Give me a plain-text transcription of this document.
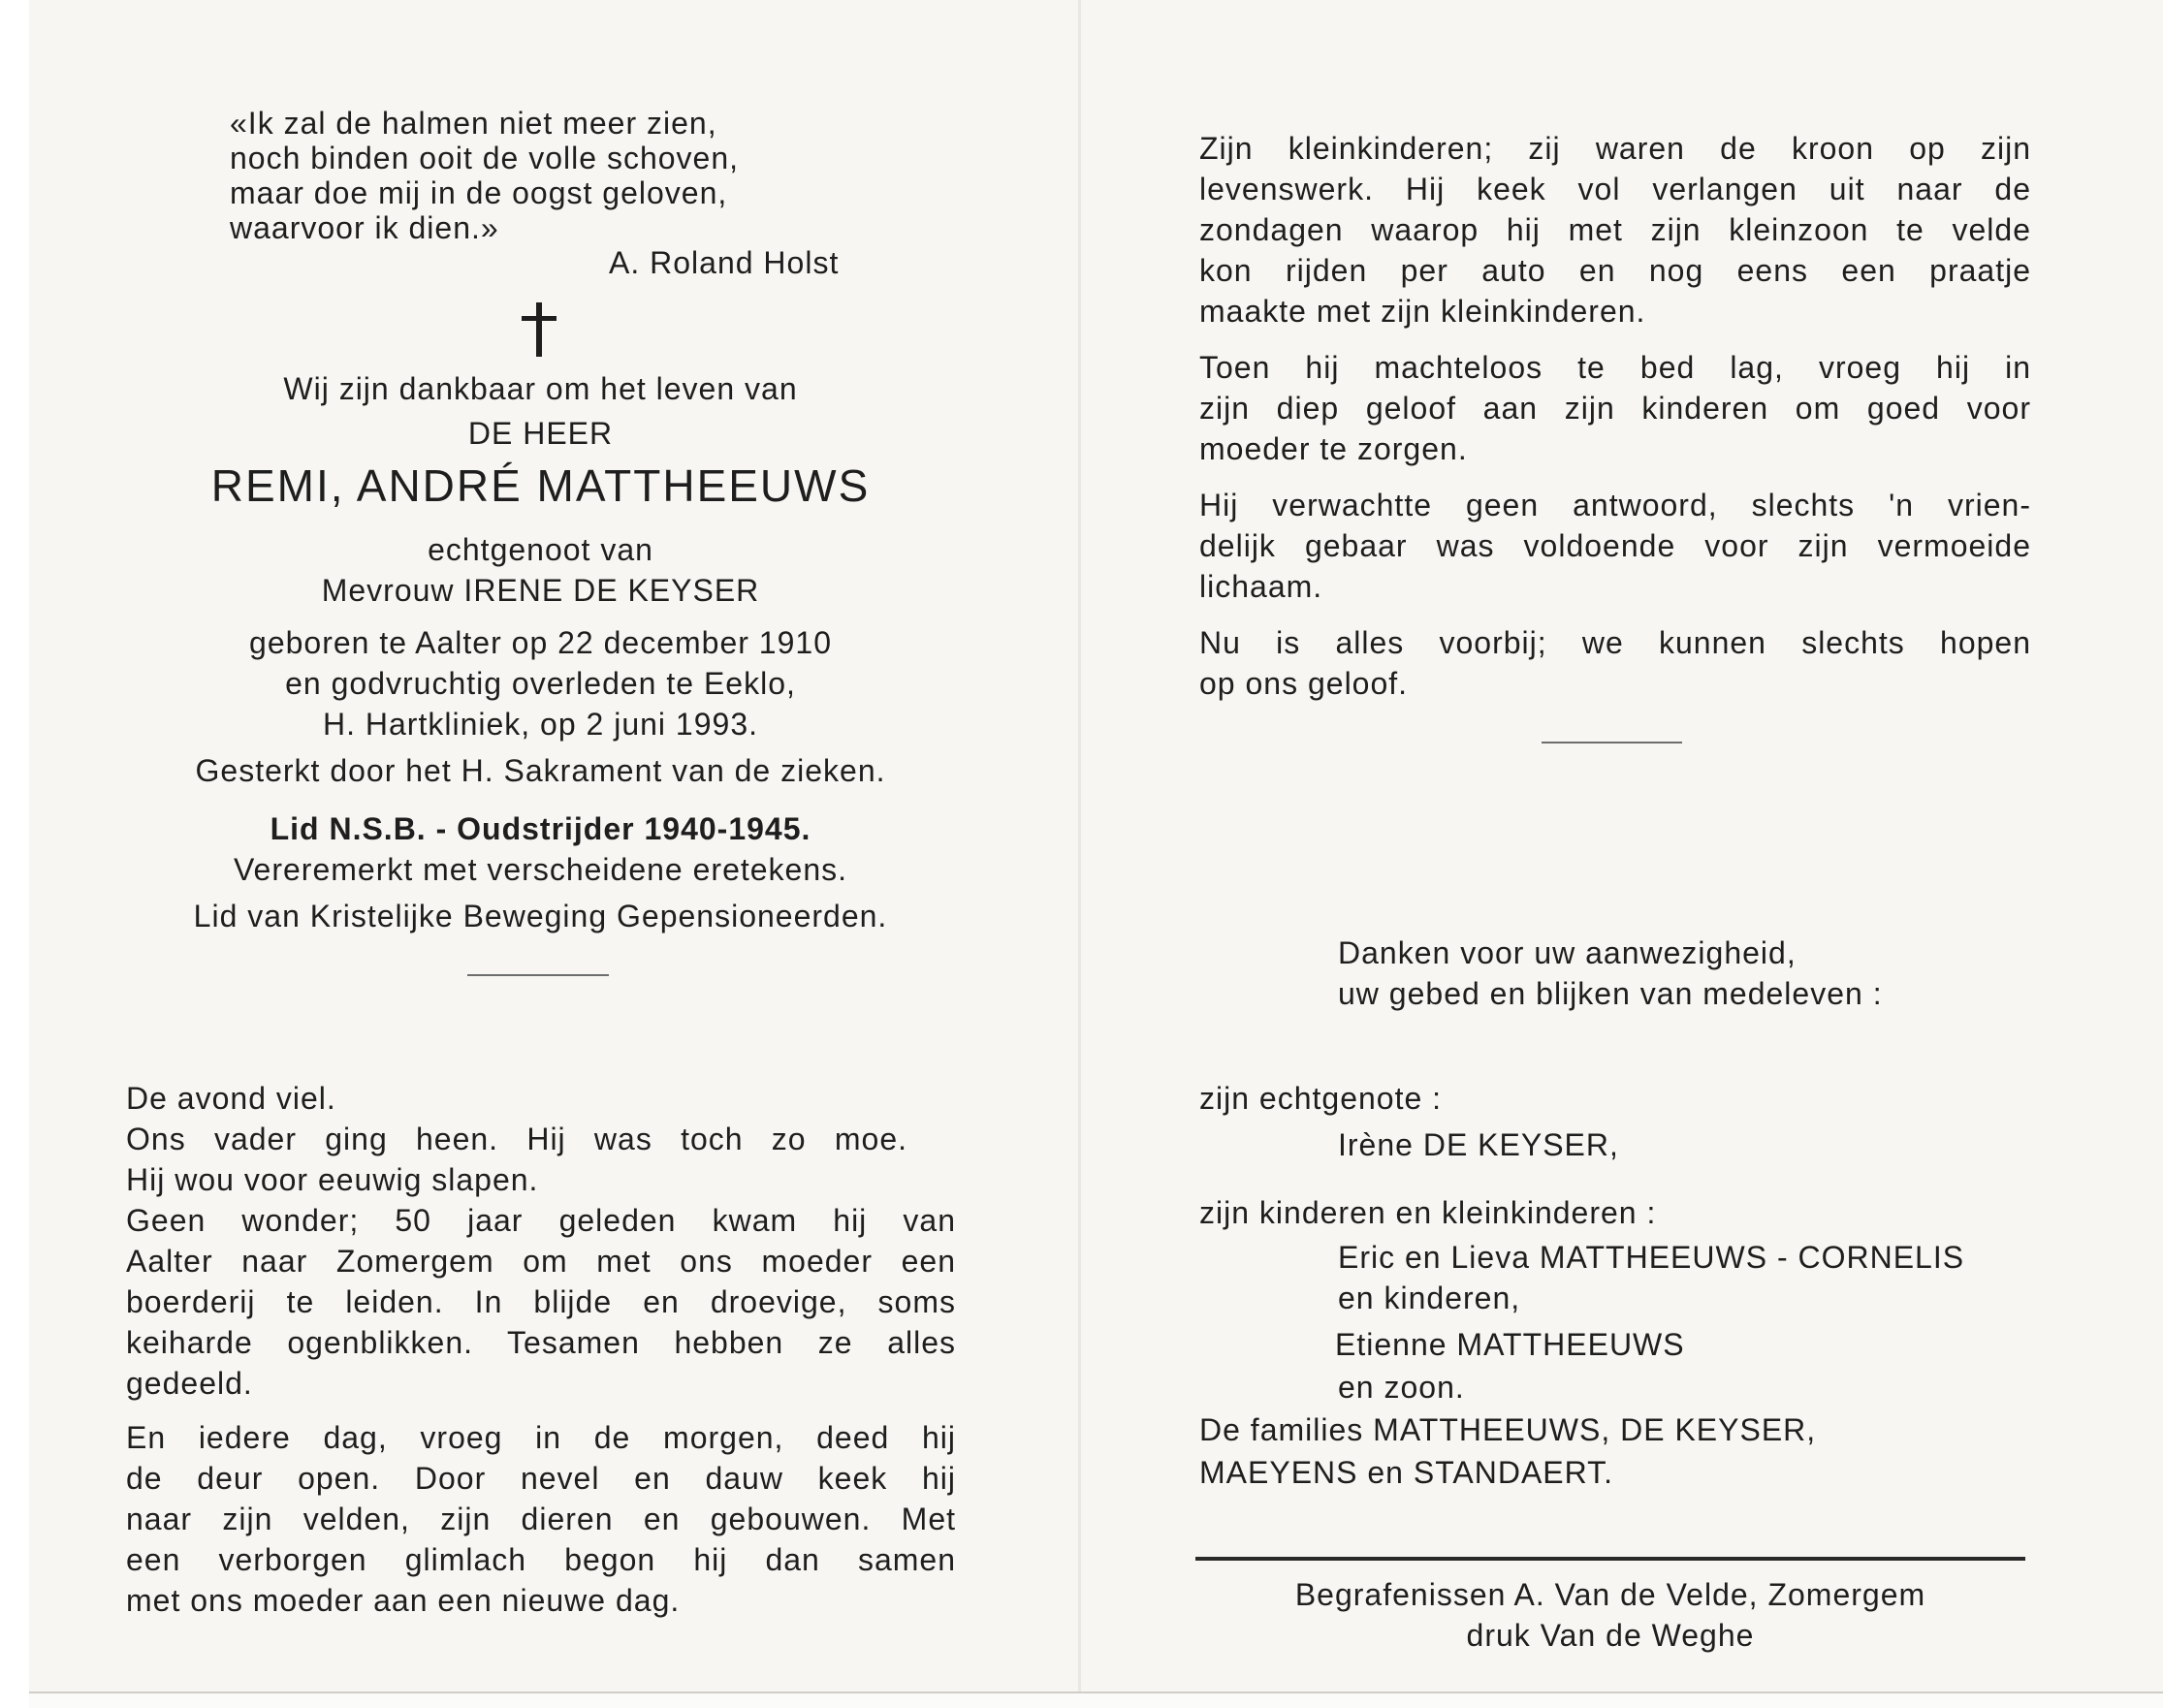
«Ik zal de halmen niet meer zien,
noch binden ooit de volle schoven,
maar doe mij in de oogst geloven,
waarvoor ik dien.»
A. Roland Holst
Wij zijn dankbaar om het leven van
DE HEER
REMI, ANDRÉ MATTHEEUWS
echtgenoot van
Mevrouw IRENE DE KEYSER
geboren te Aalter op 22 december 1910
en godvruchtig overleden te Eeklo,
H. Hartkliniek, op 2 juni 1993.
Gesterkt door het H. Sakrament van de zieken.
Lid N.S.B. - Oudstrijder 1940-1945.
Vereremerkt met verscheidene eretekens.
Lid van Kristelijke Beweging Gepensioneerden.
De avond viel.
Ons vader ging heen. Hij was toch zo moe.
Hij wou voor eeuwig slapen.
Geen wonder; 50 jaar geleden kwam hij van
Aalter naar Zomergem om met ons moeder een
boerderij te leiden. In blijde en droevige, soms
keiharde ogenblikken. Tesamen hebben ze alles
gedeeld.
En iedere dag, vroeg in de morgen, deed hij
de deur open. Door nevel en dauw keek hij
naar zijn velden, zijn dieren en gebouwen. Met
een verborgen glimlach begon hij dan samen
met ons moeder aan een nieuwe dag.
Zijn kleinkinderen; zij waren de kroon op zijn
levenswerk. Hij keek vol verlangen uit naar de
zondagen waarop hij met zijn kleinzoon te velde
kon rijden per auto en nog eens een praatje
maakte met zijn kleinkinderen.
Toen hij machteloos te bed lag, vroeg hij in
zijn diep geloof aan zijn kinderen om goed voor
moeder te zorgen.
Hij verwachtte geen antwoord, slechts 'n vrien-
delijk gebaar was voldoende voor zijn vermoeide
lichaam.
Nu is alles voorbij; we kunnen slechts hopen
op ons geloof.
Danken voor uw aanwezigheid,
uw gebed en blijken van medeleven :
zijn echtgenote :
Irène DE KEYSER,
zijn kinderen en kleinkinderen :
Eric en Lieva MATTHEEUWS - CORNELIS
en kinderen,
Etienne MATTHEEUWS
en zoon.
De families MATTHEEUWS, DE KEYSER,
MAEYENS en STANDAERT.
Begrafenissen A. Van de Velde, Zomergem
druk Van de Weghe
